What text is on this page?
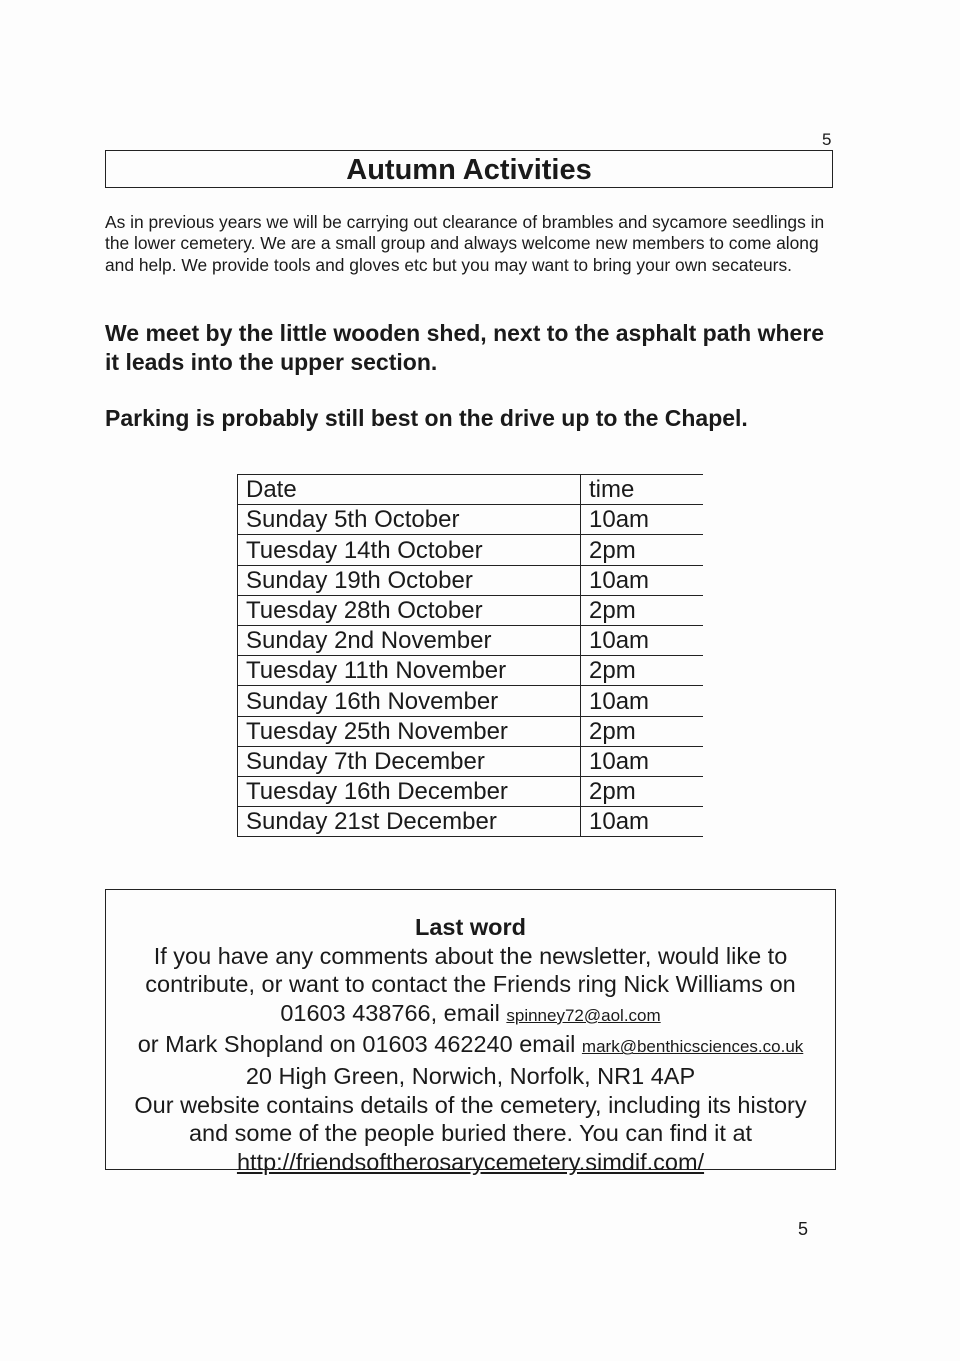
5
Autumn Activities

As in previous years we will be carrying out clearance of brambles and sycamore seedlings in the lower cemetery. We are a small group and always welcome new members to come along and help. We provide tools and gloves etc but you may want to bring your own secateurs.

We meet by the little wooden shed, next to the asphalt path where it leads into the upper section.

Parking is probably still best on the drive up to the Chapel.

Date	time
Sunday 5th October	10am
Tuesday 14th October	2pm
Sunday 19th October	10am
Tuesday 28th October	2pm
Sunday 2nd November	10am
Tuesday 11th November	2pm
Sunday 16th November	10am
Tuesday 25th November	2pm
Sunday 7th December	10am
Tuesday 16th December	2pm
Sunday 21st December	10am
Last word
If you have any comments about the newsletter, would like to
contribute, or want to contact the Friends ring Nick Williams on
01603 438766, email spinney72@aol.com
or Mark Shopland on 01603 462240 email mark@benthicsciences.co.uk
20 High Green, Norwich, Norfolk, NR1 4AP
Our website contains details of the cemetery, including its history
and some of the people buried there. You can find it at
http://friendsoftherosarycemetery.simdif.com/
5
